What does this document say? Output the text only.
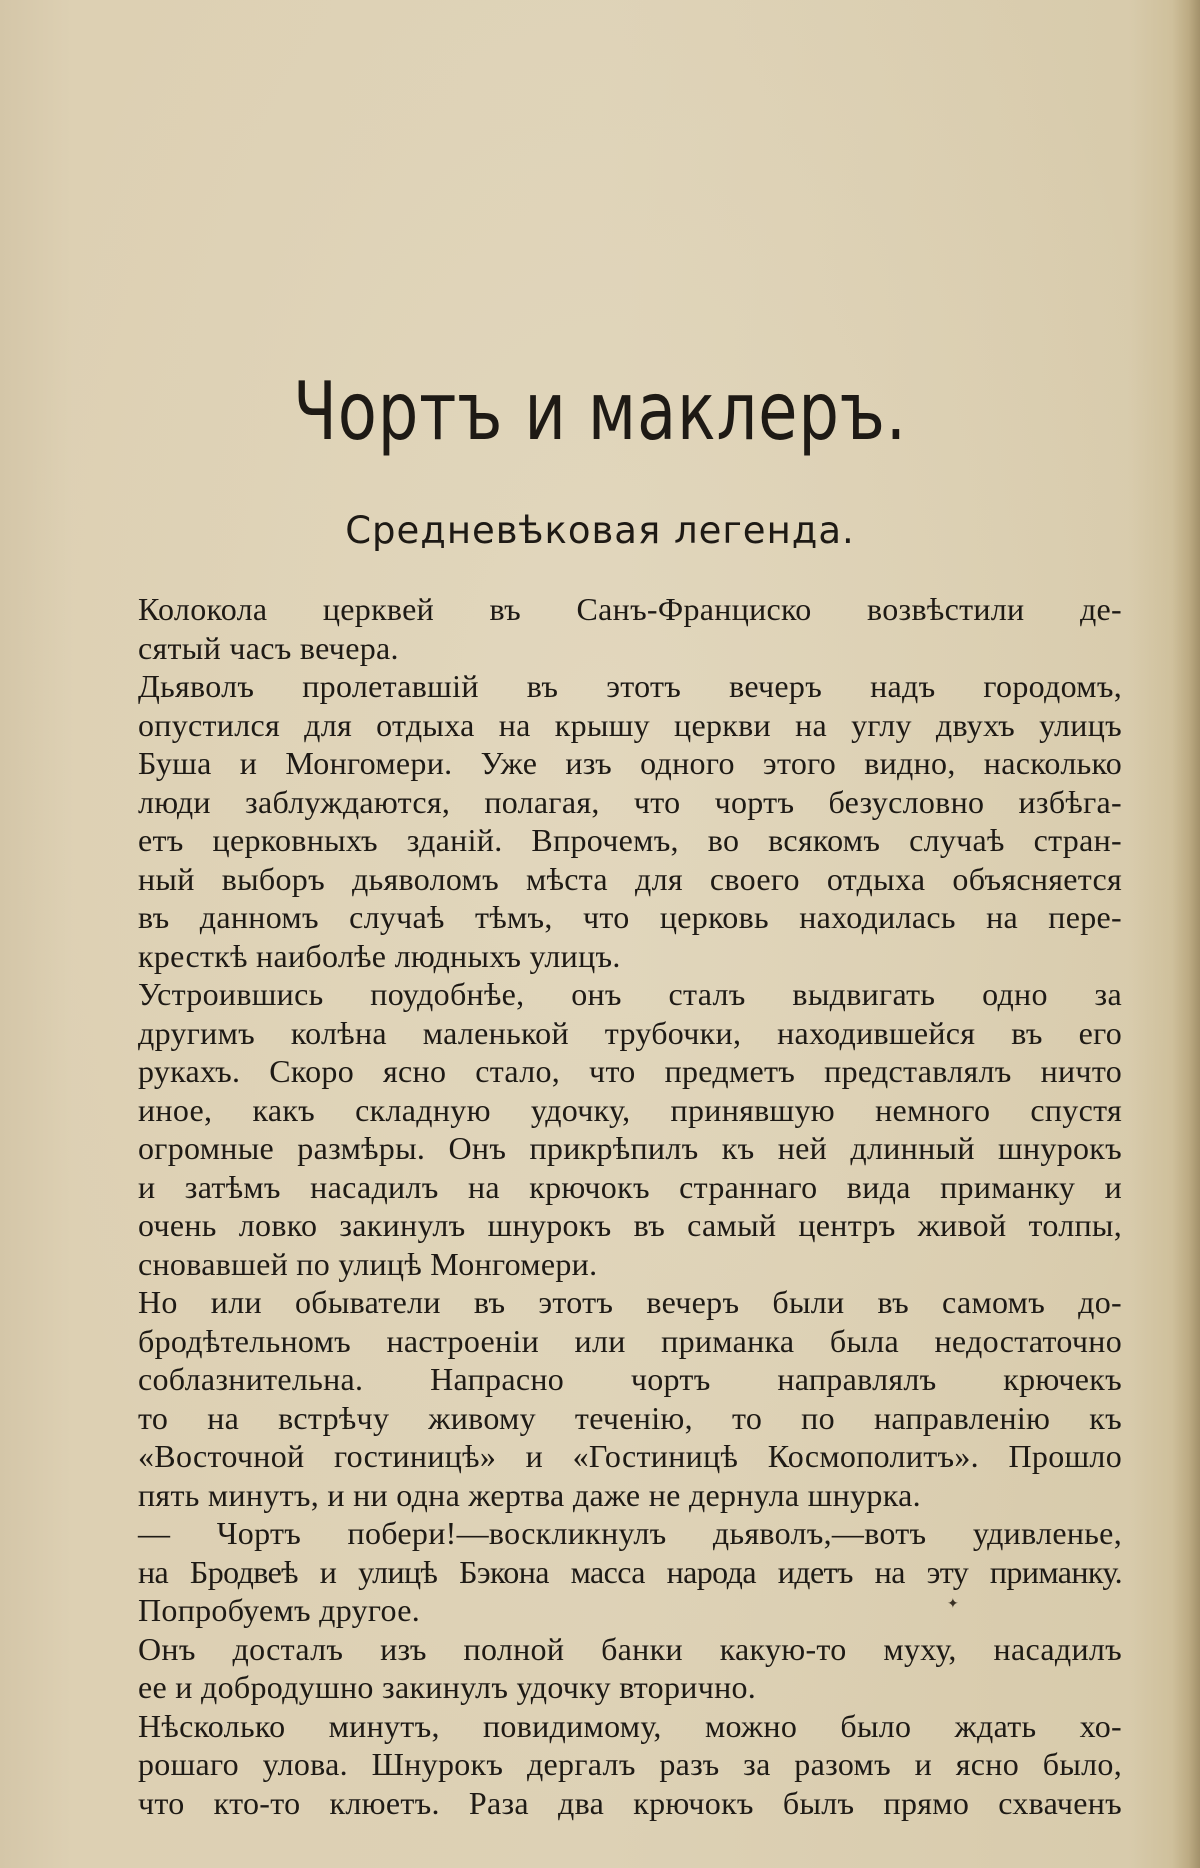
Чортъ и маклеръ.
Средневѣковая легенда.

Колокола церквей въ Санъ-Франциско возвѣстили де-
сятый часъ вечера.

Дьяволъ пролетавшій въ этотъ вечеръ надъ городомъ,
опустился для отдыха на крышу церкви на углу двухъ улицъ
Буша и Монгомери. Уже изъ одного этого видно, насколько
люди заблуждаются, полагая, что чортъ безусловно избѣга-
етъ церковныхъ зданій. Впрочемъ, во всякомъ случаѣ стран-
ный выборъ дьяволомъ мѣста для своего отдыха объясняется
въ данномъ случаѣ тѣмъ, что церковь находилась на пере-
кресткѣ наиболѣе людныхъ улицъ.

Устроившись поудобнѣе, онъ сталъ выдвигать одно за
другимъ колѣна маленькой трубочки, находившейся въ его
рукахъ. Скоро ясно стало, что предметъ представлялъ ничто
иное, какъ складную удочку, принявшую немного спустя
огромные размѣры. Онъ прикрѣпилъ къ ней длинный шнурокъ
и затѣмъ насадилъ на крючокъ страннаго вида приманку и
очень ловко закинулъ шнурокъ въ самый центръ живой толпы,
сновавшей по улицѣ Монгомери.

Но или обыватели въ этотъ вечеръ были въ самомъ до-
бродѣтельномъ настроеніи или приманка была недостаточно
соблазнительна. Напрасно чортъ направлялъ крючекъ
то на встрѣчу живому теченію, то по направленію къ
«Восточной гостиницѣ» и «Гостиницѣ Космополитъ». Прошло
пять минутъ, и ни одна жертва даже не дернула шнурка.

— Чортъ побери!—воскликнулъ дьяволъ,—вотъ удивленье,
на Бродвеѣ и улицѣ Бэкона масса народа идетъ на эту приманку.
Попробуемъ другое.

Онъ досталъ изъ полной банки какую-то муху, насадилъ
ее и добродушно закинулъ удочку вторично.

Нѣсколько минутъ, повидимому, можно было ждать хо-
рошаго улова. Шнурокъ дергалъ разъ за разомъ и ясно было,
что кто-то клюетъ. Раза два крючокъ былъ прямо схваченъ

✦
